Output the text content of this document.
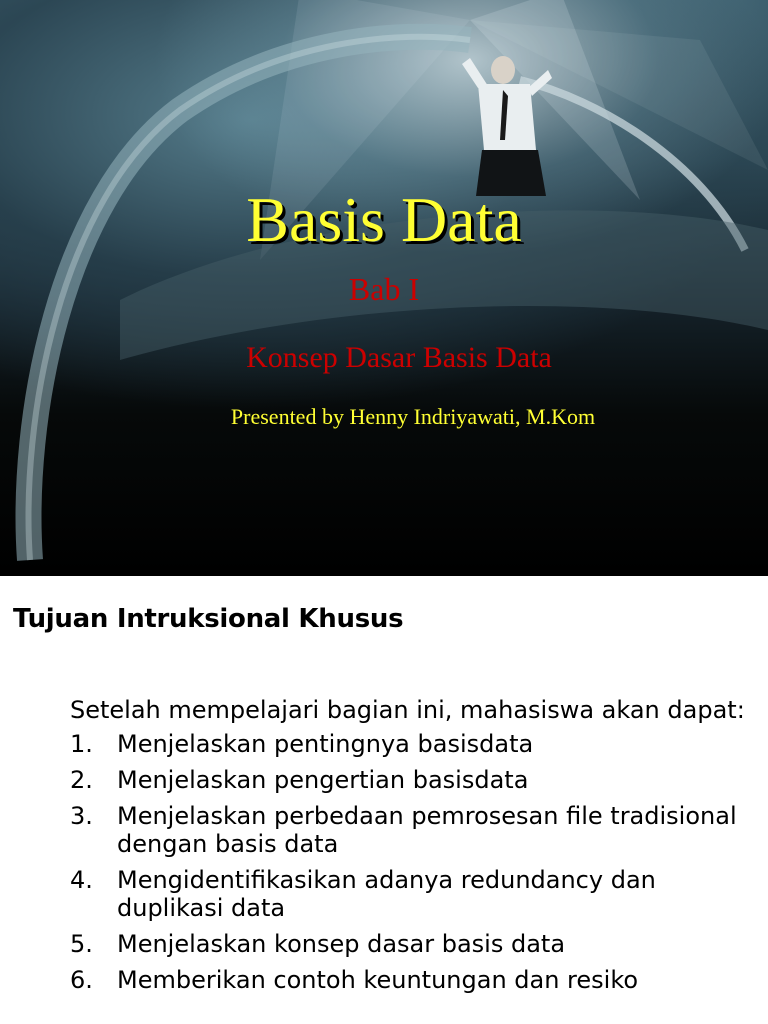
Basis Data
Bab I
Konsep Dasar Basis Data
Presented by Henny Indriyawati, M.Kom
Tujuan Intruksional Khusus

Setelah mempelajari bagian ini, mahasiswa akan dapat:

1. Menjelaskan pentingnya basisdata
2. Menjelaskan pengertian basisdata
3. Menjelaskan perbedaan pemrosesan file tradisional dengan basis data
4. Mengidentifikasikan adanya redundancy dan duplikasi data
5. Menjelaskan konsep dasar basis data
6. Memberikan contoh keuntungan dan resiko
